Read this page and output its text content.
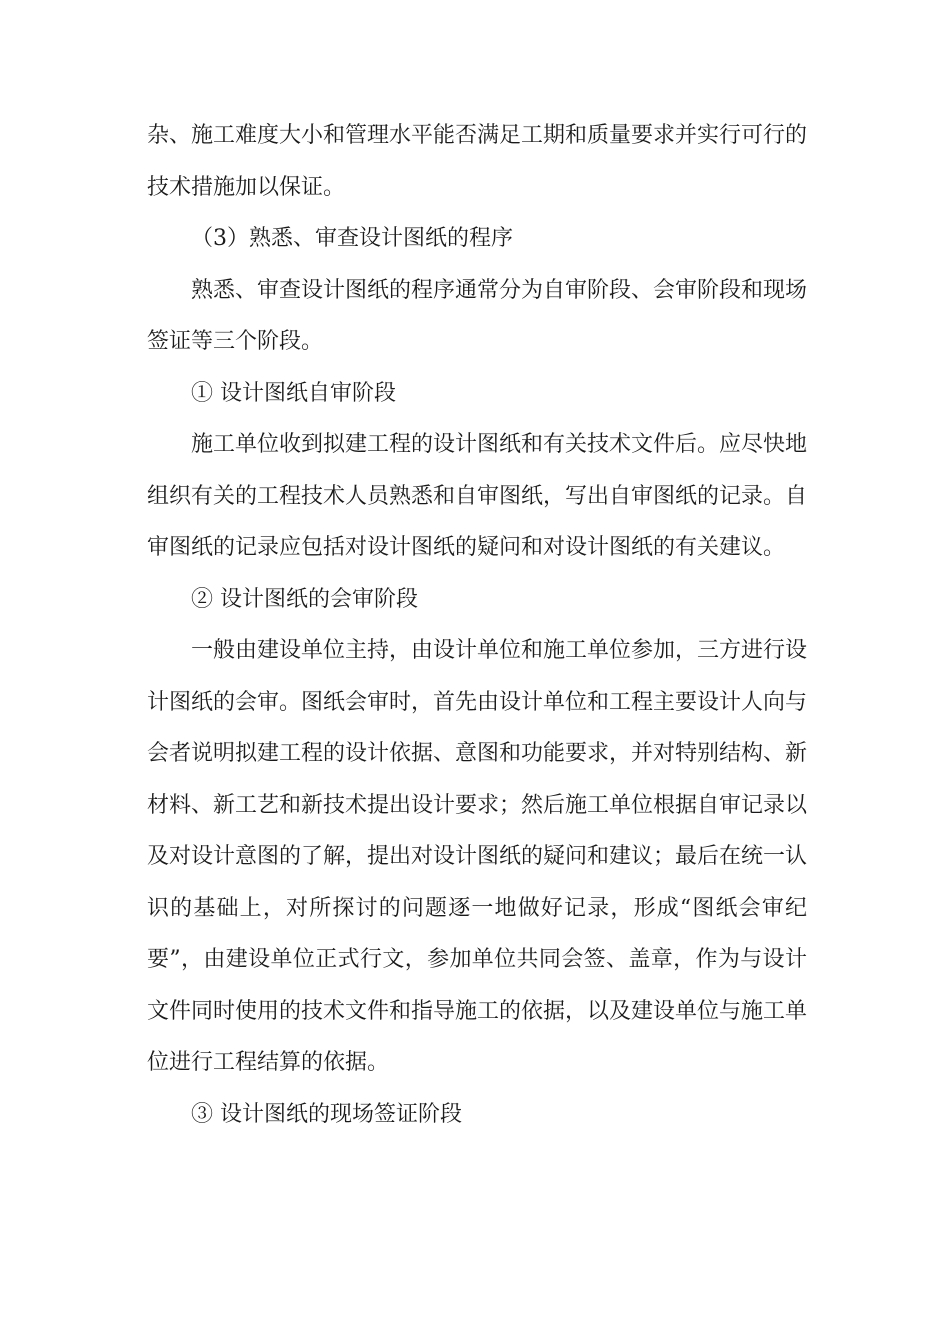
杂、施工难度大小和管理水平能否满足工期和质量要求并实行可行的技术措施加以保证。

（3）熟悉、审查设计图纸的程序

熟悉、审查设计图纸的程序通常分为自审阶段、会审阶段和现场签证等三个阶段。

① 设计图纸自审阶段

施工单位收到拟建工程的设计图纸和有关技术文件后。应尽快地组织有关的工程技术人员熟悉和自审图纸，写出自审图纸的记录。自审图纸的记录应包括对设计图纸的疑问和对设计图纸的有关建议。

② 设计图纸的会审阶段

一般由建设单位主持，由设计单位和施工单位参加，三方进行设计图纸的会审。图纸会审时，首先由设计单位和工程主要设计人向与会者说明拟建工程的设计依据、意图和功能要求，并对特别结构、新材料、新工艺和新技术提出设计要求；然后施工单位根据自审记录以及对设计意图的了解，提出对设计图纸的疑问和建议；最后在统一认识的基础上，对所探讨的问题逐一地做好记录，形成“图纸会审纪要”，由建设单位正式行文，参加单位共同会签、盖章，作为与设计文件同时使用的技术文件和指导施工的依据，以及建设单位与施工单位进行工程结算的依据。

③ 设计图纸的现场签证阶段
